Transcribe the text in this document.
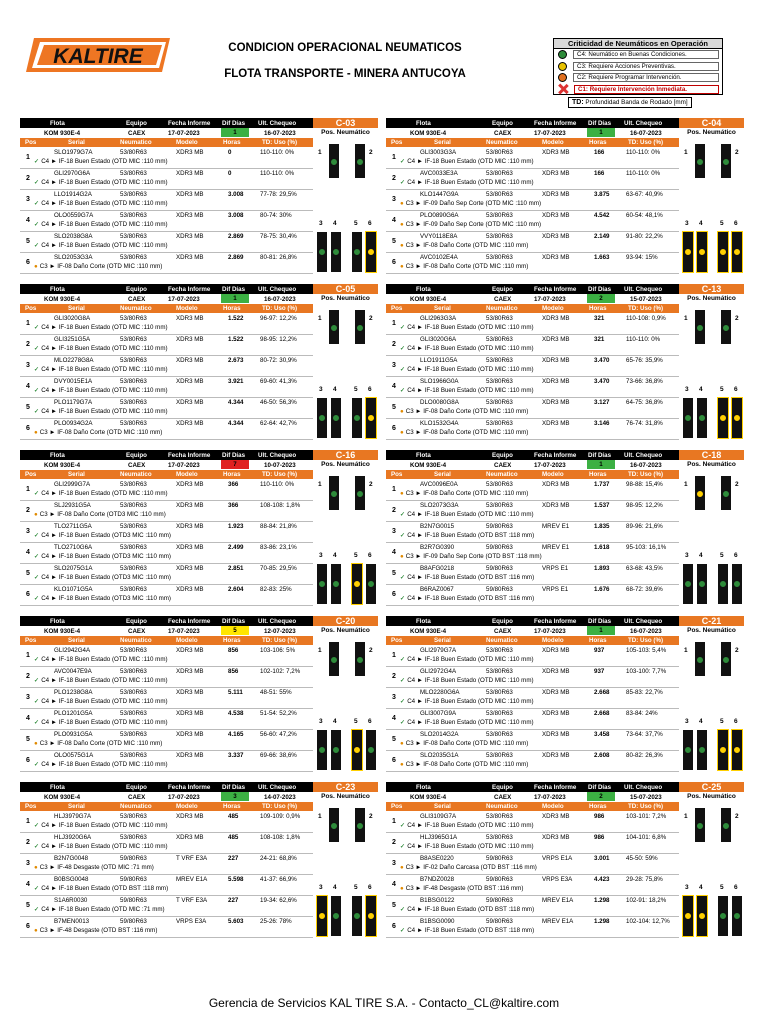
KALTIRE	CONDICION OPERACIONAL NEUMATICOS
FLOTA TRANSPORTE - MINERA ANTUCOYA
Criticidad de Neumáticos en Operación
C4: Neumático en Buenas Condiciones.
C3: Requiere Acciones Preventivas.
C2: Requiere Programar Intervención.
C1: Requiere Intervención Inmediata.
TD: Profundidad Banda de Rodado [mm]
Flota	Equipo	Fecha Informe Dif Días Ult. Chequeo	C-03
KOM 930E-4	CAEX	17-07-2023	16-07-2023
1	Pos. Neumático
Pos	Serial	Neumatico	Modelo	Horas	TD: Uso (%)
1
SLO1979G7A	53/80R63	XDR3 MB	0	110-110: 0%
✓ C4 ► IF-18 Buen Estado (OTD MIC :110 mm)
2
GLI2970G6A	53/80R63	XDR3 MB	0	110-110: 0%
✓ C4 ► IF-18 Buen Estado (OTD MIC :110 mm)
3
LLO1914G2A	53/80R63	XDR3 MB	3.008	77-78: 29,5%
✓ C4 ► IF-18 Buen Estado (OTD MIC :110 mm)
4
OLO0559G7A	53/80R63	XDR3 MB	3.008	80-74: 30%
✓ C4 ► IF-18 Buen Estado (OTD MIC :110 mm)
5
SLO2038G8A	53/80R63	XDR3 MB	2.869	78-75: 30,4%
✓ C4 ► IF-18 Buen Estado (OTD MIC :110 mm)
6
SLO2053G3A	53/80R63	XDR3 MB	2.869	80-81: 26,8%
● C3 ► IF-08 Daño Corte (OTD MIC :110 mm)
1	2
3 4	5 6
Flota	Equipo	Fecha Informe Dif Días Ult. Chequeo	C-04
KOM 930E-4	CAEX	17-07-2023	16-07-2023
1	Pos. Neumático
Pos	Serial	Neumatico	Modelo	Horas	TD: Uso (%)
1
GLI3003G3A	53/80R63	XDR3 MB	166	110-110: 0%
✓ C4 ► IF-18 Buen Estado (OTD MIC :110 mm)
2
AVC0033E3A	53/80R63	XDR3 MB	166	110-110: 0%
✓ C4 ► IF-18 Buen Estado (OTD MIC :110 mm)
3
KLO1447G9A	53/80R63	XDR3 MB	3.875	63-67: 40,9%
● C3 ► IF-09 Daño Sep Corte (OTD MIC :110 mm)
4
PLO0890G6A	53/80R63	XDR3 MB	4.542	60-54: 48,1%
● C3 ► IF-09 Daño Sep Corte (OTD MIC :110 mm)
5
VVY0118E8A	53/80R63	XDR3 MB	2.149	91-80: 22,2%
● C3 ► IF-08 Daño Corte (OTD MIC :110 mm)
6
AVC0102E4A	53/80R63	XDR3 MB	1.663	93-94: 15%
● C3 ► IF-08 Daño Corte (OTD MIC :110 mm)
1	2
3 4	5 6
Flota	Equipo	Fecha Informe Dif Días Ult. Chequeo	C-05
KOM 930E-4	CAEX	17-07-2023	16-07-2023
1	Pos. Neumático
Pos	Serial	Neumatico	Modelo	Horas	TD: Uso (%)
1
GLI3020G8A	53/80R63	XDR3 MB	1.522	96-97: 12,2%
✓ C4 ► IF-18 Buen Estado (OTD MIC :110 mm)
2
GLI3251G5A	53/80R63	XDR3 MB	1.522	98-95: 12,2%
✓ C4 ► IF-18 Buen Estado (OTD MIC :110 mm)
3
MLO2278G8A	53/80R63	XDR3 MB	2.673	80-72: 30,9%
✓ C4 ► IF-18 Buen Estado (OTD MIC :110 mm)
4
DVY0015E1A	53/80R63	XDR3 MB	3.921	69-60: 41,3%
✓ C4 ► IF-18 Buen Estado (OTD MIC :110 mm)
5
PLO1179G7A	53/80R63	XDR3 MB	4.344	46-50: 56,3%
✓ C4 ► IF-18 Buen Estado (OTD MIC :110 mm)
6
PLO0934G2A	53/80R63	XDR3 MB	4.344	62-64: 42,7%
● C3 ► IF-08 Daño Corte (OTD MIC :110 mm)
1	2
3 4	5 6
Flota	Equipo	Fecha Informe Dif Días Ult. Chequeo	C-13
KOM 930E-4	CAEX	17-07-2023	15-07-2023
2	Pos. Neumático
Pos	Serial	Neumatico	Modelo	Horas	TD: Uso (%)
1
GLI2963G3A	53/80R63	XDR3 MB	321	110-108: 0,9%
✓ C4 ► IF-18 Buen Estado (OTD MIC :110 mm)
2
GLI3020G6A	53/80R63	XDR3 MB	321	110-110: 0%
✓ C4 ► IF-18 Buen Estado (OTD MIC :110 mm)
3
LLO1911G5A	53/80R63	XDR3 MB	3.470	65-76: 35,9%
✓ C4 ► IF-18 Buen Estado (OTD MIC :110 mm)
4
SLO1966G0A	53/80R63	XDR3 MB	3.470	73-66: 36,8%
✓ C4 ► IF-18 Buen Estado (OTD MIC :110 mm)
5
DLO0080G8A	53/80R63	XDR3 MB	3.127	64-75: 36,8%
● C3 ► IF-08 Daño Corte (OTD MIC :110 mm)
6
KLO1532G4A	53/80R63	XDR3 MB	3.146	76-74: 31,8%
● C3 ► IF-08 Daño Corte (OTD MIC :110 mm)
1	2
3 4	5 6
Flota	Equipo	Fecha Informe Dif Días Ult. Chequeo	C-16
KOM 930E-4	CAEX	17-07-2023	10-07-2023
7	Pos. Neumático
Pos	Serial	Neumatico	Modelo	Horas	TD: Uso (%)
1
GLI2999G7A	53/80R63	XDR3 MB	366	110-110: 0%
✓ C4 ► IF-18 Buen Estado (OTD MIC :110 mm)
2
SLJ2931G5A	53/80R63	XDR3 MB	366	108-108: 1,8%
● C3 ► IF-08 Daño Corte (OTD3 MIC :110 mm)
3
TLO2711G5A	53/80R63	XDR3 MB	1.923	88-84: 21,8%
✓ C4 ► IF-18 Buen Estado (OTD3 MIC :110 mm)
4
TLO2710G6A	53/80R63	XDR3 MB	2.499	83-86: 23,1%
✓ C4 ► IF-18 Buen Estado (OTD3 MIC :110 mm)
5
SLO2075G1A	53/80R63	XDR3 MB	2.851	70-85: 29,5%
✓ C4 ► IF-18 Buen Estado (OTD3 MIC :110 mm)
6
KLO1071G5A	53/80R63	XDR3 MB	2.604	82-83: 25%
✓ C4 ► IF-18 Buen Estado (OTD3 MIC :110 mm)
1	2
3 4	5 6
Flota	Equipo	Fecha Informe Dif Días Ult. Chequeo	C-18
KOM 930E-4	CAEX	17-07-2023	16-07-2023
1	Pos. Neumático
Pos	Serial	Neumatico	Modelo	Horas	TD: Uso (%)
1
AVC0096E0A	53/80R63	XDR3 MB	1.737	98-88: 15,4%
● C3 ► IF-08 Daño Corte (OTD MIC :110 mm)
2
SLO2073G3A	53/80R63	XDR3 MB	1.537	98-95: 12,2%
✓ C4 ► IF-18 Buen Estado (OTD MIC :110 mm)
3
B2N7G0015	59/80R63	MREV E1	1.835	89-96: 21,6%
✓ C4 ► IF-18 Buen Estado (OTD BST :118 mm)
4
B2R7G0390	59/80R63	MREV E1	1.618	95-103: 16,1%
● C3 ► IF-09 Daño Sep Corte (OTD BST :118 mm)
5
B8AFG0218	59/80R63	VRPS E1	1.893	63-68: 43,5%
✓ C4 ► IF-18 Buen Estado (OTD BST :116 mm)
6
B6RAZ0067	59/80R63	VRPS E1	1.676	68-72: 39,6%
✓ C4 ► IF-18 Buen Estado (OTD BST :116 mm)
1	2
3 4	5 6
Flota	Equipo	Fecha Informe Dif Días Ult. Chequeo	C-20
KOM 930E-4	CAEX	17-07-2023	12-07-2023
5	Pos. Neumático
Pos	Serial	Neumatico	Modelo	Horas	TD: Uso (%)
1
GLI2942G4A	53/80R63	XDR3 MB	856	103-106: 5%
✓ C4 ► IF-18 Buen Estado (OTD MIC :110 mm)
2
AVC0047E9A	53/80R63	XDR3 MB	856	102-102: 7,2%
✓ C4 ► IF-18 Buen Estado (OTD MIC :110 mm)
3
PLO1238G8A	53/80R63	XDR3 MB	5.111	48-51: 55%
✓ C4 ► IF-18 Buen Estado (OTD MIC :110 mm)
4
PLO1201G5A	53/80R63	XDR3 MB	4.538	51-54: 52,2%
✓ C4 ► IF-18 Buen Estado (OTD MIC :110 mm)
5
PLO0931G5A	53/80R63	XDR3 MB	4.165	56-60: 47,2%
● C3 ► IF-08 Daño Corte (OTD MIC :110 mm)
6
OLO0575G1A	53/80R63	XDR3 MB	3.337	69-66: 38,6%
✓ C4 ► IF-18 Buen Estado (OTD MIC :110 mm)
1	2
3 4	5 6
Flota	Equipo	Fecha Informe Dif Días Ult. Chequeo	C-21
KOM 930E-4	CAEX	17-07-2023	16-07-2023
1	Pos. Neumático
Pos	Serial	Neumatico	Modelo	Horas	TD: Uso (%)
1
GLI2979G7A	53/80R63	XDR3 MB	937	105-103: 5,4%
✓ C4 ► IF-18 Buen Estado (OTD MIC :110 mm)
2
GLI2972G4A	53/80R63	XDR3 MB	937	103-100: 7,7%
✓ C4 ► IF-18 Buen Estado (OTD MIC :110 mm)
3
MLO2280G6A	53/80R63	XDR3 MB	2.668	85-83: 22,7%
✓ C4 ► IF-18 Buen Estado (OTD MIC :110 mm)
4
GLI3007G9A	53/80R63	XDR3 MB	2.668	83-84: 24%
✓ C4 ► IF-18 Buen Estado (OTD MIC :110 mm)
5
SLO2014G2A	53/80R63	XDR3 MB	3.458	73-64: 37,7%
● C3 ► IF-08 Daño Corte (OTD MIC :110 mm)
6
SLO2035G1A	53/80R63	XDR3 MB	2.608	80-82: 26,3%
● C3 ► IF-08 Daño Corte (OTD MIC :110 mm)
1	2
3 4	5 6
Flota	Equipo	Fecha Informe Dif Días Ult. Chequeo	C-23
KOM 930E-4	CAEX	17-07-2023	14-07-2023
3	Pos. Neumático
Pos	Serial	Neumatico	Modelo	Horas	TD: Uso (%)
1
HLJ3979G7A	53/80R63	XDR3 MB	485	109-109: 0,9%
✓ C4 ► IF-18 Buen Estado (OTD MIC :110 mm)
2
HLJ3920G6A	53/80R63	XDR3 MB	485	108-108: 1,8%
✓ C4 ► IF-18 Buen Estado (OTD MIC :110 mm)
3
B2N7G0048	59/80R63	T VRF E3A	227	24-21: 68,8%
● C3 ► IF-48 Desgaste (OTD MIC :71 mm)
4
B0BSG0048	59/80R63	MREV E1A	5.598	41-37: 66,9%
✓ C4 ► IF-18 Buen Estado (OTD BST :118 mm)
5
S1A6R0030	59/80R63	T VRF E3A	227	19-34: 62,6%
✓ C4 ► IF-18 Buen Estado (OTD MIC :71 mm)
6
B7MEN0013	59/80R63	VRPS E3A	5.603	25-26: 78%
● C3 ► IF-48 Desgaste (OTD BST :116 mm)
1	2
3 4	5 6
Flota	Equipo	Fecha Informe Dif Días Ult. Chequeo	C-25
KOM 930E-4	CAEX	17-07-2023	15-07-2023
2	Pos. Neumático
Pos	Serial	Neumatico	Modelo	Horas	TD: Uso (%)
1
GLI3109G7A	53/80R63	XDR3 MB	986	103-101: 7,2%
✓ C4 ► IF-18 Buen Estado (OTD MIC :110 mm)
2
HLJ3965G1A	53/80R63	XDR3 MB	986	104-101: 6,8%
✓ C4 ► IF-18 Buen Estado (OTD MIC :110 mm)
3
B8ASE0220	59/80R63	VRPS E1A	3.001	45-50: 59%
● C3 ► IF-02 Daño Carcasa (OTD BST :116 mm)
4
B7NDZ0028	59/80R63	VRPS E3A	4.423	29-28: 75,8%
● C3 ► IF-48 Desgaste (OTD BST :116 mm)
5
B1BSG0122	59/80R63	MREV E1A	1.298	102-91: 18,2%
✓ C4 ► IF-18 Buen Estado (OTD BST :118 mm)
6
B1BSG0090	59/80R63	MREV E1A	1.298	102-104: 12,7%
✓ C4 ► IF-18 Buen Estado (OTD BST :118 mm)
1	2
3 4	5 6
Gerencia de Servicios KAL TIRE S.A. - Contacto_CL@kaltire.com
